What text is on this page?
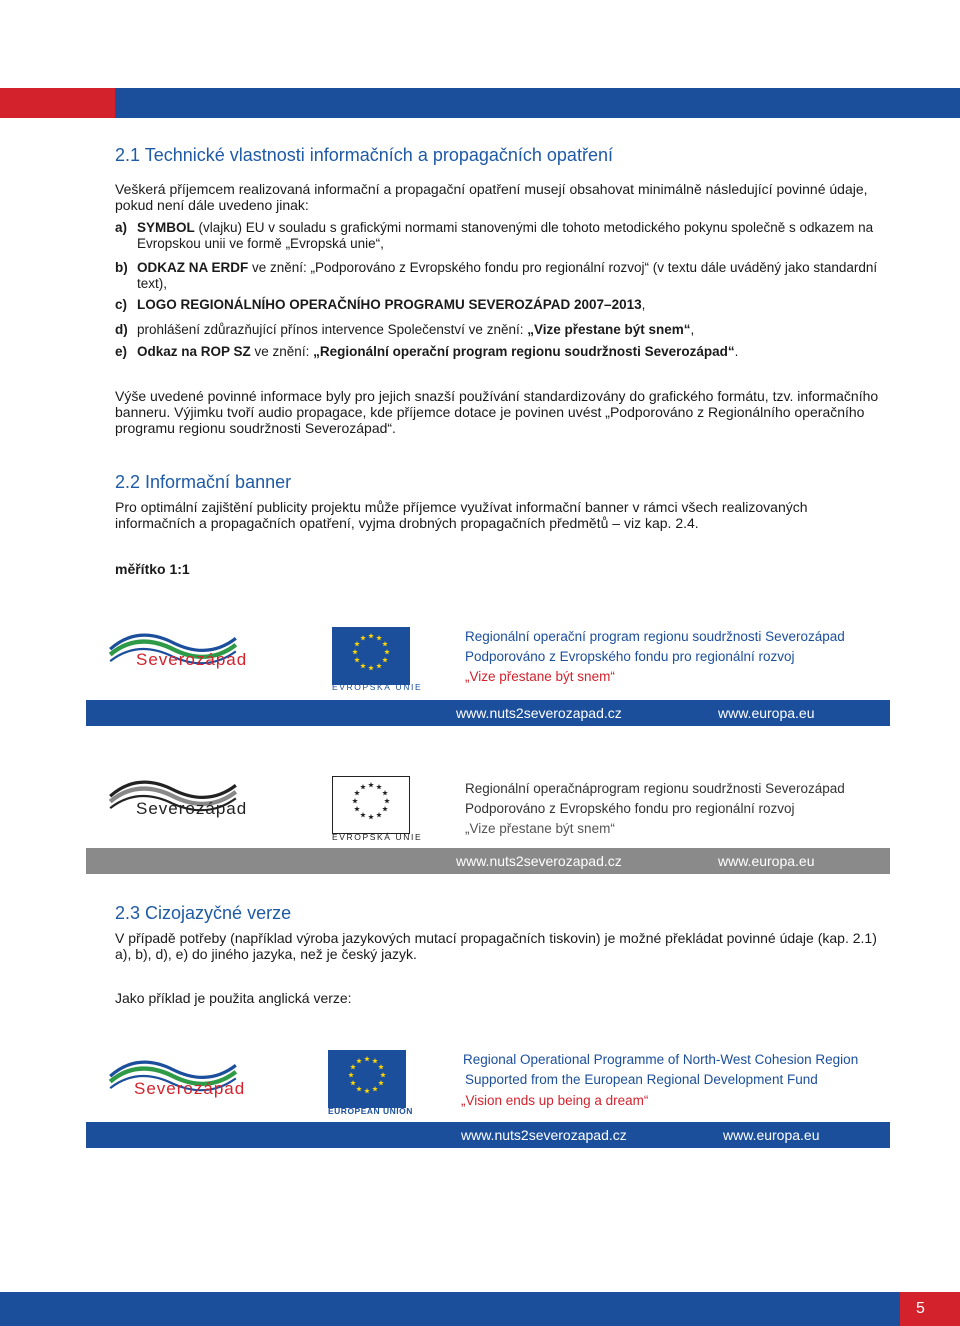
2.1 Technické vlastnosti informačních a propagačních opatření
Veškerá příjemcem realizovaná informační a propagační opatření musejí obsahovat minimálně následující povinné údaje, pokud není dále uvedeno jinak:
a) SYMBOL (vlajku) EU v souladu s grafickými normami stanovenými dle tohoto metodického pokynu společně s odkazem na Evropskou unii ve formě „Evropská unie“,
b) ODKAZ NA ERDF ve znění: „Podporováno z Evropského fondu pro regionální rozvoj“ (v textu dále uváděný jako standardní text),
c) LOGO REGIONÁLNÍHO OPERAČNÍHO PROGRAMU SEVEROZÁPAD 2007–2013,
d) prohlášení zdůrazňující přínos intervence Společenství ve znění: „Vize přestane být snem“,
e) Odkaz na ROP SZ ve znění: „Regionální operační program regionu soudržnosti Severozápad“.
Výše uvedené povinné informace byly pro jejich snazší používání standardizovány do grafického formátu, tzv. informačního banneru. Výjimku tvoří audio propagace, kde příjemce dotace je povinen uvést „Podporováno z Regionálního operačního programu regionu soudržnosti Severozápad“.
2.2 Informační banner
Pro optimální zajištění publicity projektu může příjemce využívat informační banner v rámci všech realizovaných informačních a propagačních opatření, vyjma drobných propagačních předmětů – viz kap. 2.4.
měřítko 1:1
Severozápad
EVROPSKÁ UNIE
Regionální operační program regionu soudržnosti Severozápad
Podporováno z Evropského fondu pro regionální rozvoj
„Vize přestane být snem“
www.nuts2severozapad.cz	www.europa.eu
Severozápad
EVROPSKÁ UNIE
Regionální operačnáprogram regionu soudržnosti Severozápad
Podporováno z Evropského fondu pro regionální rozvoj
„Vize přestane být snem“
www.nuts2severozapad.cz	www.europa.eu
2.3 Cizojazyčné verze
V případě potřeby (například výroba jazykových mutací propagačních tiskovin) je možné překládat povinné údaje (kap. 2.1) a), b), d), e) do jiného jazyka, než je český jazyk.
Jako příklad je použita anglická verze:
Severozápad
EUROPEAN UNION
Regional Operational Programme of North-West Cohesion Region
Supported from the European Regional Development Fund
„Vision ends up being a dream“
www.nuts2severozapad.cz	www.europa.eu
5
